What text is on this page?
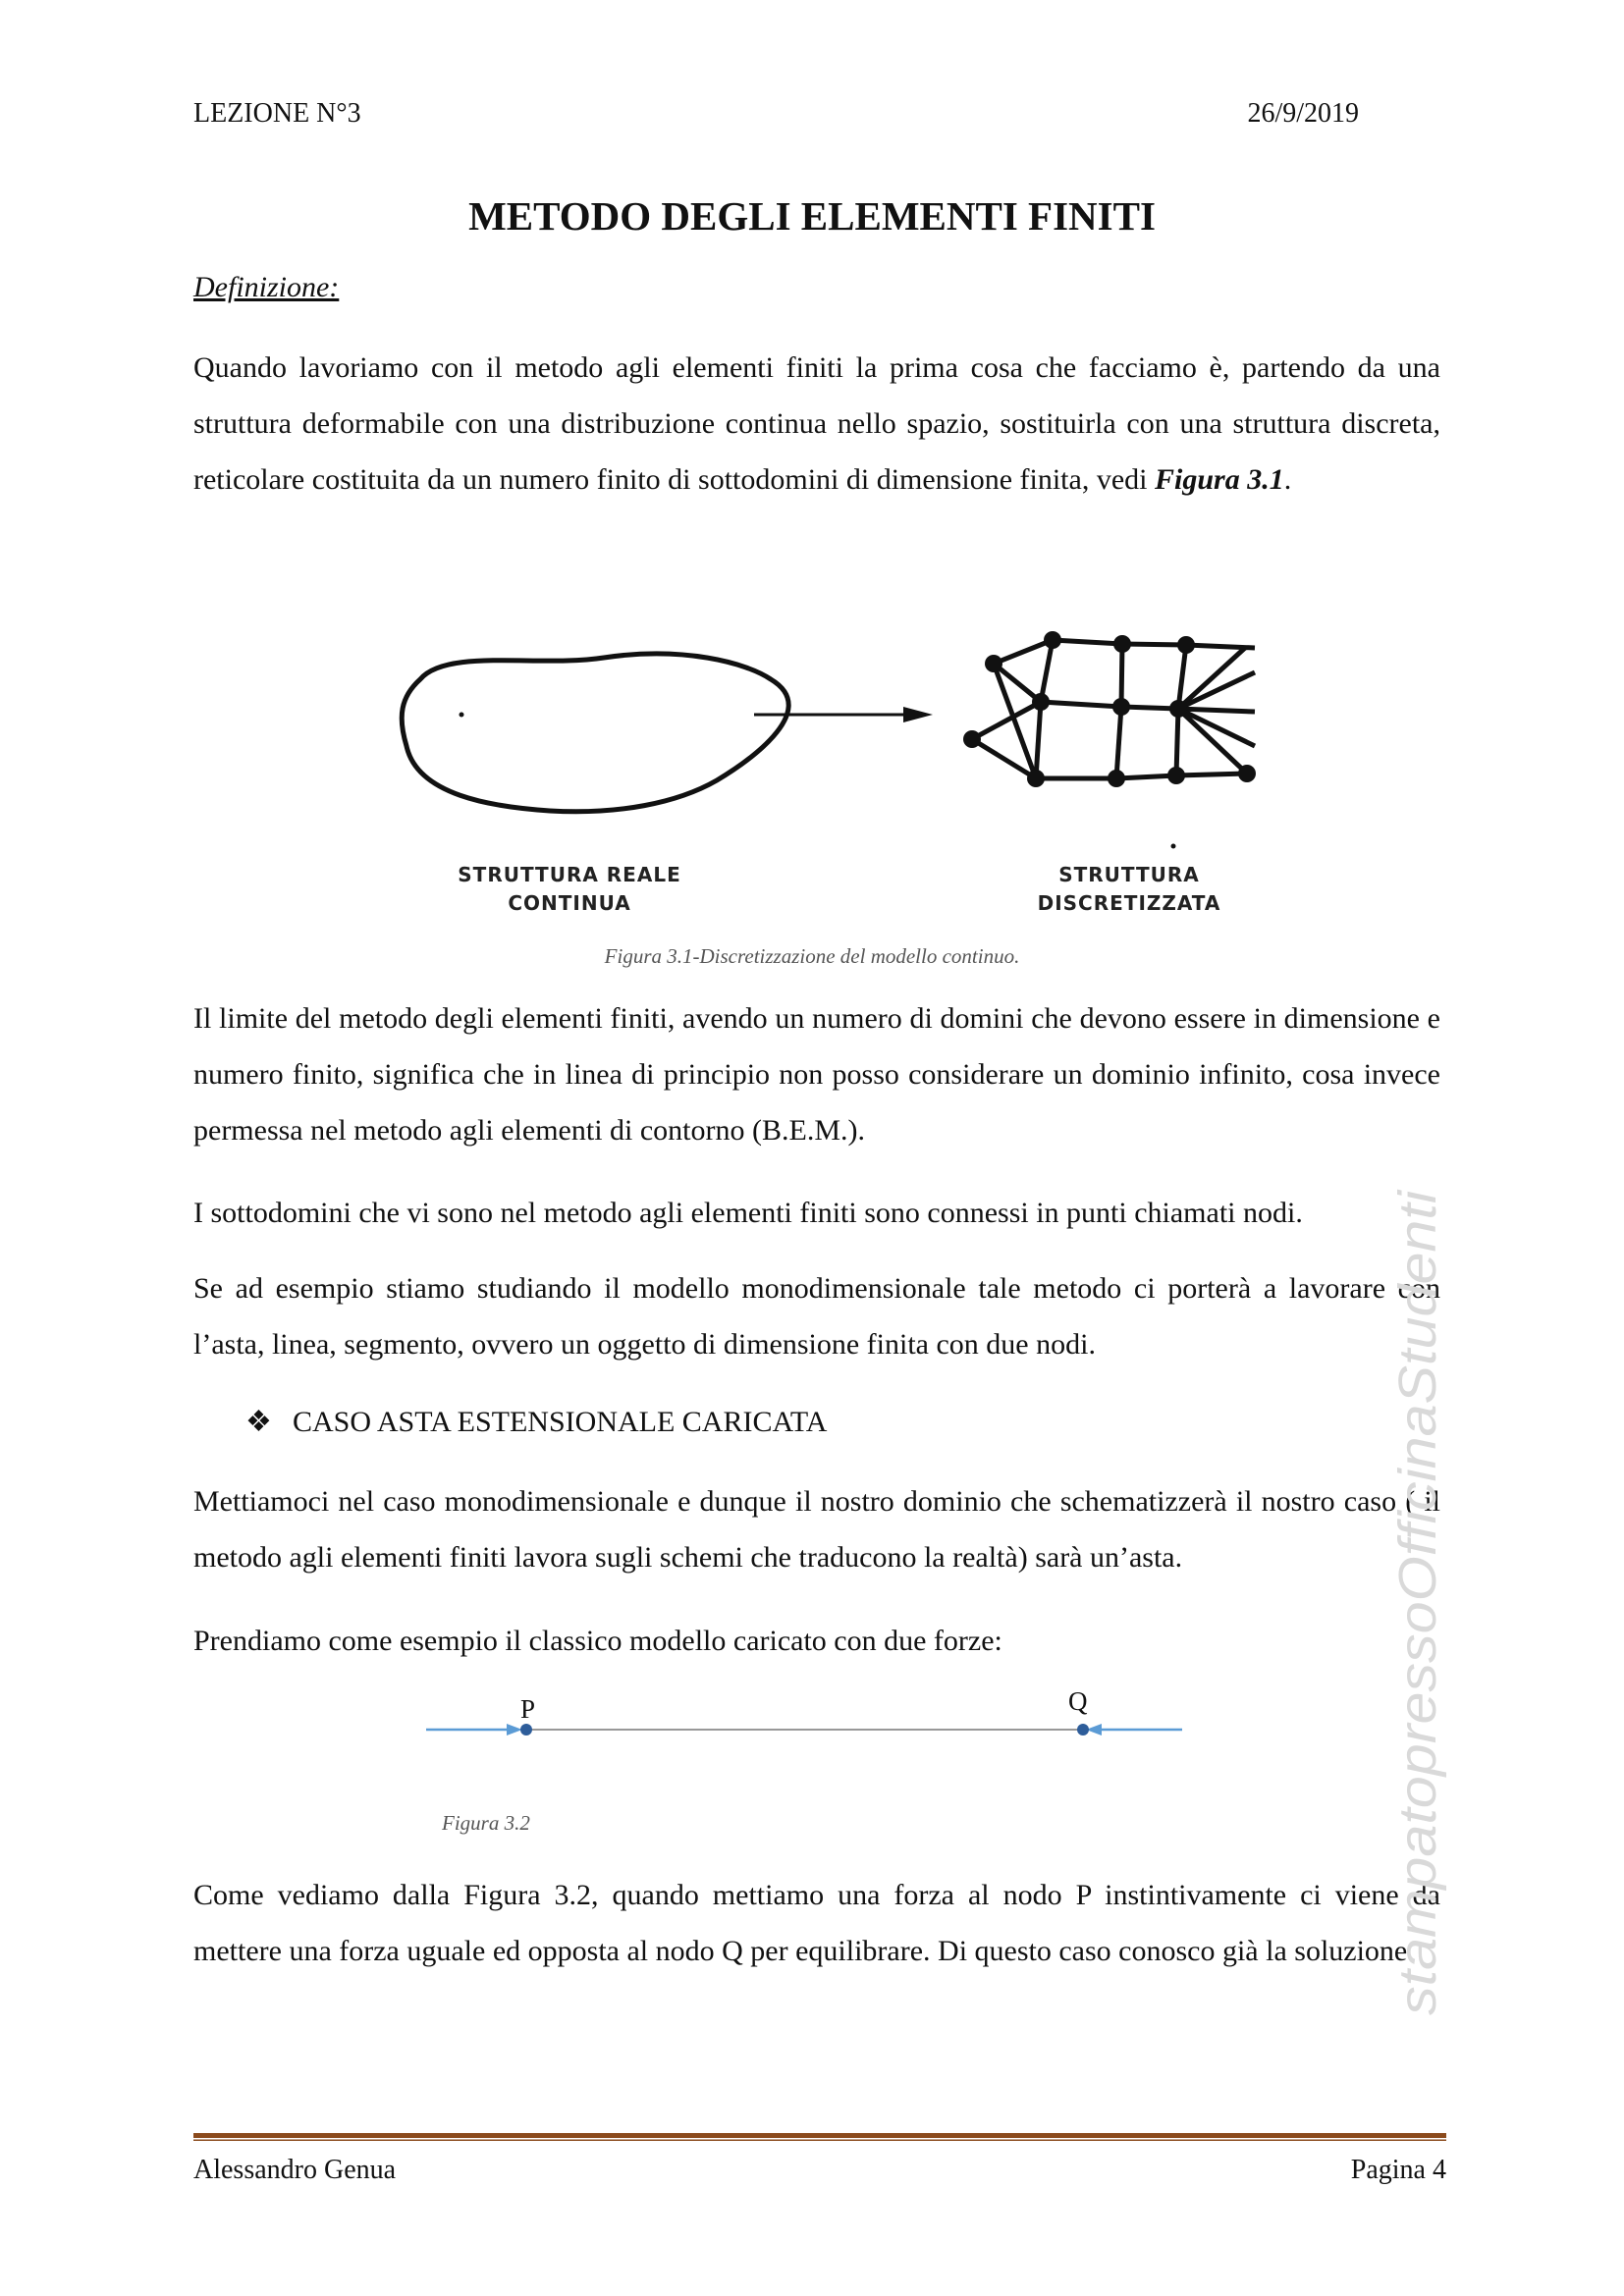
LEZIONE N°3	26/9/2019
METODO DEGLI ELEMENTI FINITI
Definizione:

Quando lavoriamo con il metodo agli elementi finiti la prima cosa che facciamo è, partendo da una struttura deformabile con una distribuzione continua nello spazio, sostituirla con una struttura discreta, reticolare costituita da un numero finito di sottodomini di dimensione finita, vedi Figura 3.1.

STRUTTURA REALE
CONTINUA
STRUTTURA
DISCRETIZZATA
Figura 3.1-Discretizzazione del modello continuo.

Il limite del metodo degli elementi finiti, avendo un numero di domini che devono essere in dimensione e numero finito, significa che in linea di principio non posso considerare un dominio infinito, cosa invece permessa nel metodo agli elementi di contorno (B.E.M.).

I sottodomini che vi sono nel metodo agli elementi finiti sono connessi in punti chiamati nodi.

Se ad esempio stiamo studiando il modello monodimensionale tale metodo ci porterà a lavorare con l’asta, linea, segmento, ovvero un oggetto di dimensione finita con due nodi.

❖ CASO ASTA ESTENSIONALE CARICATA

Mettiamoci nel caso monodimensionale e dunque il nostro dominio che schematizzerà il nostro caso ( il metodo agli elementi finiti lavora sugli schemi che traducono la realtà) sarà un’asta.

Prendiamo come esempio il classico modello caricato con due forze:

P	Q
Figura 3.2

Come vediamo dalla Figura 3.2, quando mettiamo una forza al nodo P instintivamente ci viene da mettere una forza uguale ed opposta al nodo Q per equilibrare. Di questo caso conosco già la soluzione.

stampatopressoOfficinaStudenti
Alessandro Genua	Pagina 4
